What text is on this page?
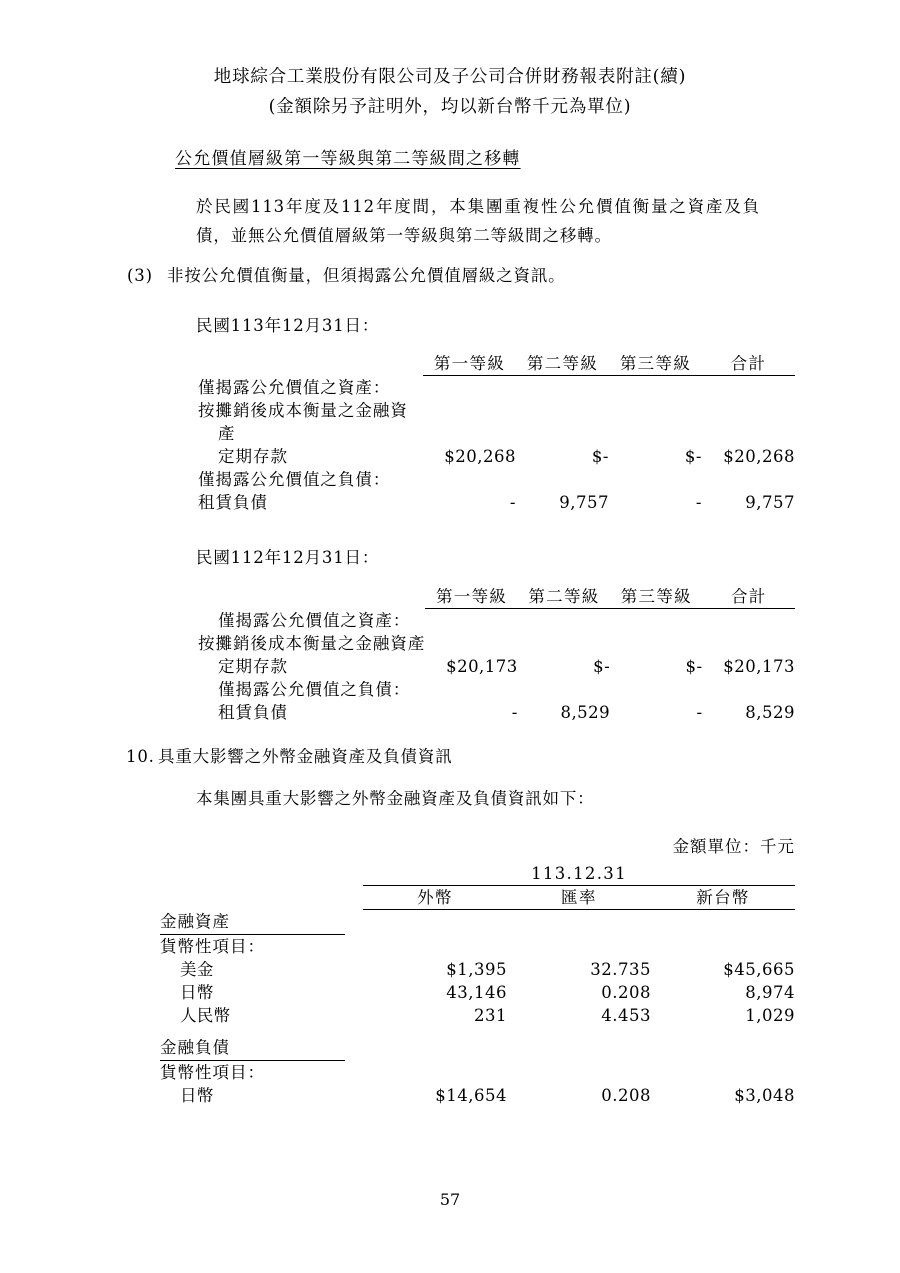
地球綜合工業股份有限公司及子公司合併財務報表附註(續)
(金額除另予註明外，均以新台幣千元為單位)
公允價值層級第一等級與第二等級間之移轉
於民國113年度及112年度間，本集團重複性公允價值衡量之資產及負債，並無公允價值層級第一等級與第二等級間之移轉。
(3) 非按公允價值衡量，但須揭露公允價值層級之資訊。
民國113年12月31日：
	第一等級	第二等級	第三等級	合計

僅揭露公允價值之資產：				
按攤銷後成本衡量之金融資				
產				
定期存款	$20,268	$-	$-	$20,268
僅揭露公允價值之負債：				
租賃負債	-	9,757	-	9,757
民國112年12月31日：
	第一等級	第二等級	第三等級	合計

僅揭露公允價值之資產：				
按攤銷後成本衡量之金融資產				
定期存款	$20,173	$-	$-	$20,173
僅揭露公允價值之負債：				
租賃負債	-	8,529	-	8,529
10. 具重大影響之外幣金融資產及負債資訊
本集團具重大影響之外幣金融資產及負債資訊如下：
金額單位：千元
	113.12.31		

	外幣	匯率	新台幣

金融資產			
貨幣性項目：			
美金	$1,395	32.735	$45,665
日幣	43,146	0.208	8,974
人民幣	231	4.453	1,029

金融負債			
貨幣性項目：			
日幣	$14,654	0.208	$3,048
57
